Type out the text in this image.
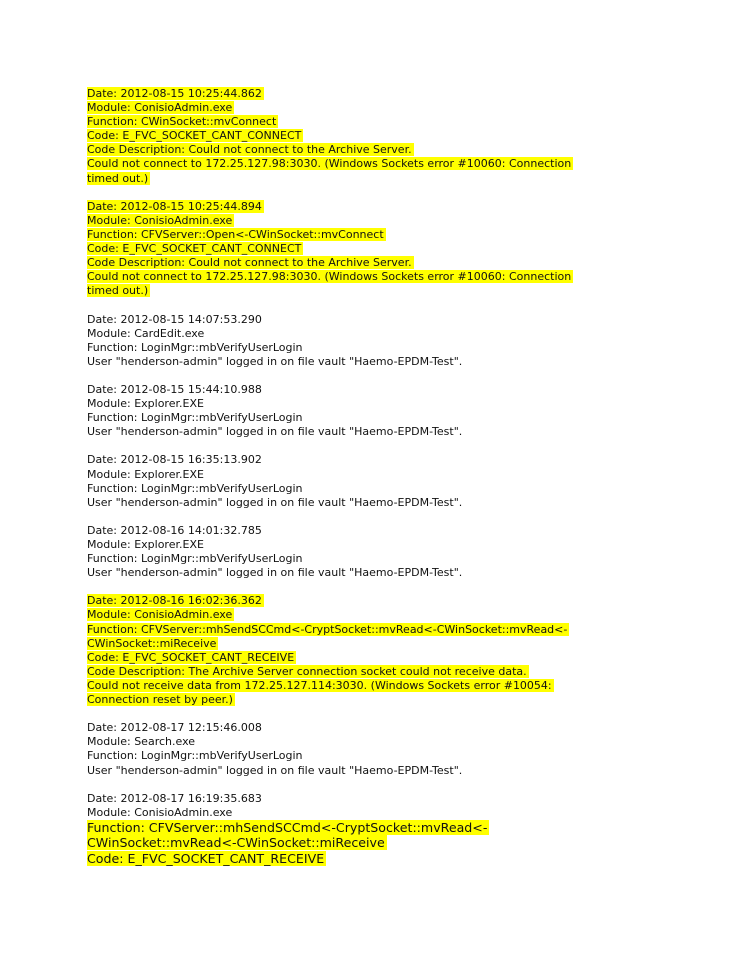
Date: 2012-08-15 10:25:44.862
Module: ConisioAdmin.exe
Function: CWinSocket::mvConnect
Code: E_FVC_SOCKET_CANT_CONNECT
Code Description: Could not connect to the Archive Server.
Could not connect to 172.25.127.98:3030. (Windows Sockets error #10060: Connection
timed out.)
Date: 2012-08-15 10:25:44.894
Module: ConisioAdmin.exe
Function: CFVServer::Open<-CWinSocket::mvConnect
Code: E_FVC_SOCKET_CANT_CONNECT
Code Description: Could not connect to the Archive Server.
Could not connect to 172.25.127.98:3030. (Windows Sockets error #10060: Connection
timed out.)
Date: 2012-08-15 14:07:53.290
Module: CardEdit.exe
Function: LoginMgr::mbVerifyUserLogin
User "henderson-admin" logged in on file vault "Haemo-EPDM-Test".
Date: 2012-08-15 15:44:10.988
Module: Explorer.EXE
Function: LoginMgr::mbVerifyUserLogin
User "henderson-admin" logged in on file vault "Haemo-EPDM-Test".
Date: 2012-08-15 16:35:13.902
Module: Explorer.EXE
Function: LoginMgr::mbVerifyUserLogin
User "henderson-admin" logged in on file vault "Haemo-EPDM-Test".
Date: 2012-08-16 14:01:32.785
Module: Explorer.EXE
Function: LoginMgr::mbVerifyUserLogin
User "henderson-admin" logged in on file vault "Haemo-EPDM-Test".
Date: 2012-08-16 16:02:36.362
Module: ConisioAdmin.exe
Function: CFVServer::mhSendSCCmd<-CryptSocket::mvRead<-CWinSocket::mvRead<-
CWinSocket::miReceive
Code: E_FVC_SOCKET_CANT_RECEIVE
Code Description: The Archive Server connection socket could not receive data.
Could not receive data from 172.25.127.114:3030. (Windows Sockets error #10054:
Connection reset by peer.)
Date: 2012-08-17 12:15:46.008
Module: Search.exe
Function: LoginMgr::mbVerifyUserLogin
User "henderson-admin" logged in on file vault "Haemo-EPDM-Test".
Date: 2012-08-17 16:19:35.683
Module: ConisioAdmin.exe
Function: CFVServer::mhSendSCCmd<-CryptSocket::mvRead<-
CWinSocket::mvRead<-CWinSocket::miReceive
Code: E_FVC_SOCKET_CANT_RECEIVE
